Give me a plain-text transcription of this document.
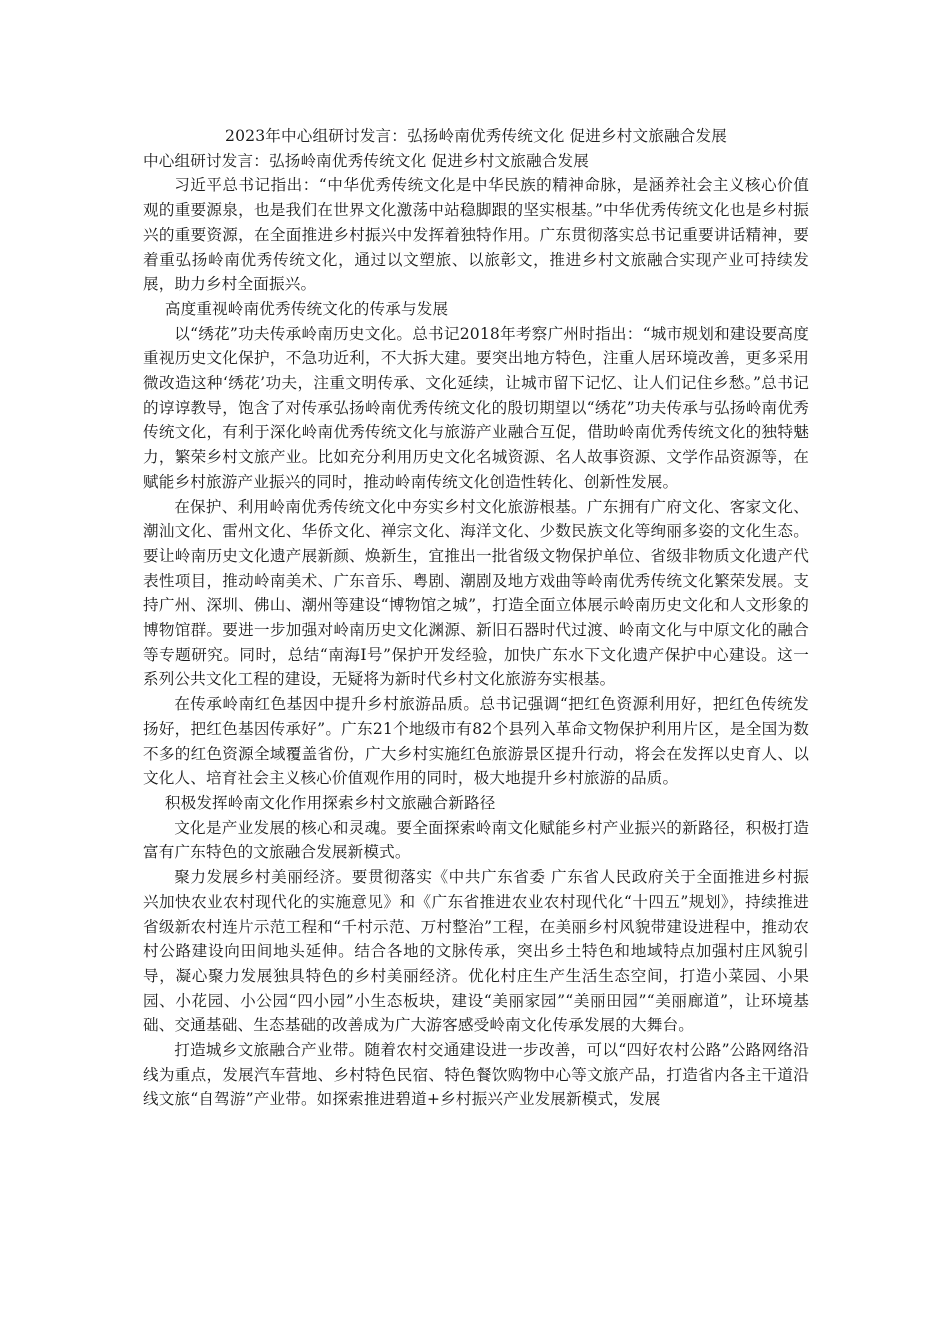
2023年中心组研讨发言：弘扬岭南优秀传统文化 促进乡村文旅融合发展

中心组研讨发言：弘扬岭南优秀传统文化 促进乡村文旅融合发展

习近平总书记指出：“中华优秀传统文化是中华民族的精神命脉，是涵养社会主义核心价值观的重要源泉，也是我们在世界文化激荡中站稳脚跟的坚实根基。”中华优秀传统文化也是乡村振兴的重要资源，在全面推进乡村振兴中发挥着独特作用。广东贯彻落实总书记重要讲话精神，要着重弘扬岭南优秀传统文化，通过以文塑旅、以旅彰文，推进乡村文旅融合实现产业可持续发展，助力乡村全面振兴。

高度重视岭南优秀传统文化的传承与发展

以“绣花”功夫传承岭南历史文化。总书记2018年考察广州时指出：“城市规划和建设要高度重视历史文化保护，不急功近利，不大拆大建。要突出地方特色，注重人居环境改善，更多采用微改造这种‘绣花’功夫，注重文明传承、文化延续，让城市留下记忆、让人们记住乡愁。”总书记的谆谆教导，饱含了对传承弘扬岭南优秀传统文化的殷切期望以“绣花”功夫传承与弘扬岭南优秀传统文化，有利于深化岭南优秀传统文化与旅游产业融合互促，借助岭南优秀传统文化的独特魅力，繁荣乡村文旅产业。比如充分利用历史文化名城资源、名人故事资源、文学作品资源等，在赋能乡村旅游产业振兴的同时，推动岭南传统文化创造性转化、创新性发展。

在保护、利用岭南优秀传统文化中夯实乡村文化旅游根基。广东拥有广府文化、客家文化、潮汕文化、雷州文化、华侨文化、禅宗文化、海洋文化、少数民族文化等绚丽多姿的文化生态。要让岭南历史文化遗产展新颜、焕新生，宜推出一批省级文物保护单位、省级非物质文化遗产代表性项目，推动岭南美术、广东音乐、粤剧、潮剧及地方戏曲等岭南优秀传统文化繁荣发展。支持广州、深圳、佛山、潮州等建设“博物馆之城”，打造全面立体展示岭南历史文化和人文形象的博物馆群。要进一步加强对岭南历史文化渊源、新旧石器时代过渡、岭南文化与中原文化的融合等专题研究。同时，总结“南海Ⅰ号”保护开发经验，加快广东水下文化遗产保护中心建设。这一系列公共文化工程的建设，无疑将为新时代乡村文化旅游夯实根基。

在传承岭南红色基因中提升乡村旅游品质。总书记强调“把红色资源利用好，把红色传统发扬好，把红色基因传承好”。广东21个地级市有82个县列入革命文物保护利用片区，是全国为数不多的红色资源全域覆盖省份，广大乡村实施红色旅游景区提升行动，将会在发挥以史育人、以文化人、培育社会主义核心价值观作用的同时，极大地提升乡村旅游的品质。

积极发挥岭南文化作用探索乡村文旅融合新路径

文化是产业发展的核心和灵魂。要全面探索岭南文化赋能乡村产业振兴的新路径，积极打造富有广东特色的文旅融合发展新模式。

聚力发展乡村美丽经济。要贯彻落实《中共广东省委 广东省人民政府关于全面推进乡村振兴加快农业农村现代化的实施意见》和《广东省推进农业农村现代化“十四五”规划》，持续推进省级新农村连片示范工程和“千村示范、万村整治”工程，在美丽乡村风貌带建设进程中，推动农村公路建设向田间地头延伸。结合各地的文脉传承，突出乡土特色和地域特点加强村庄风貌引导，凝心聚力发展独具特色的乡村美丽经济。优化村庄生产生活生态空间，打造小菜园、小果园、小花园、小公园“四小园”小生态板块，建设“美丽家园”“美丽田园”“美丽廊道”，让环境基础、交通基础、生态基础的改善成为广大游客感受岭南文化传承发展的大舞台。

打造城乡文旅融合产业带。随着农村交通建设进一步改善，可以“四好农村公路”公路网络沿线为重点，发展汽车营地、乡村特色民宿、特色餐饮购物中心等文旅产品，打造省内各主干道沿线文旅“自驾游”产业带。如探索推进碧道+乡村振兴产业发展新模式，发展
